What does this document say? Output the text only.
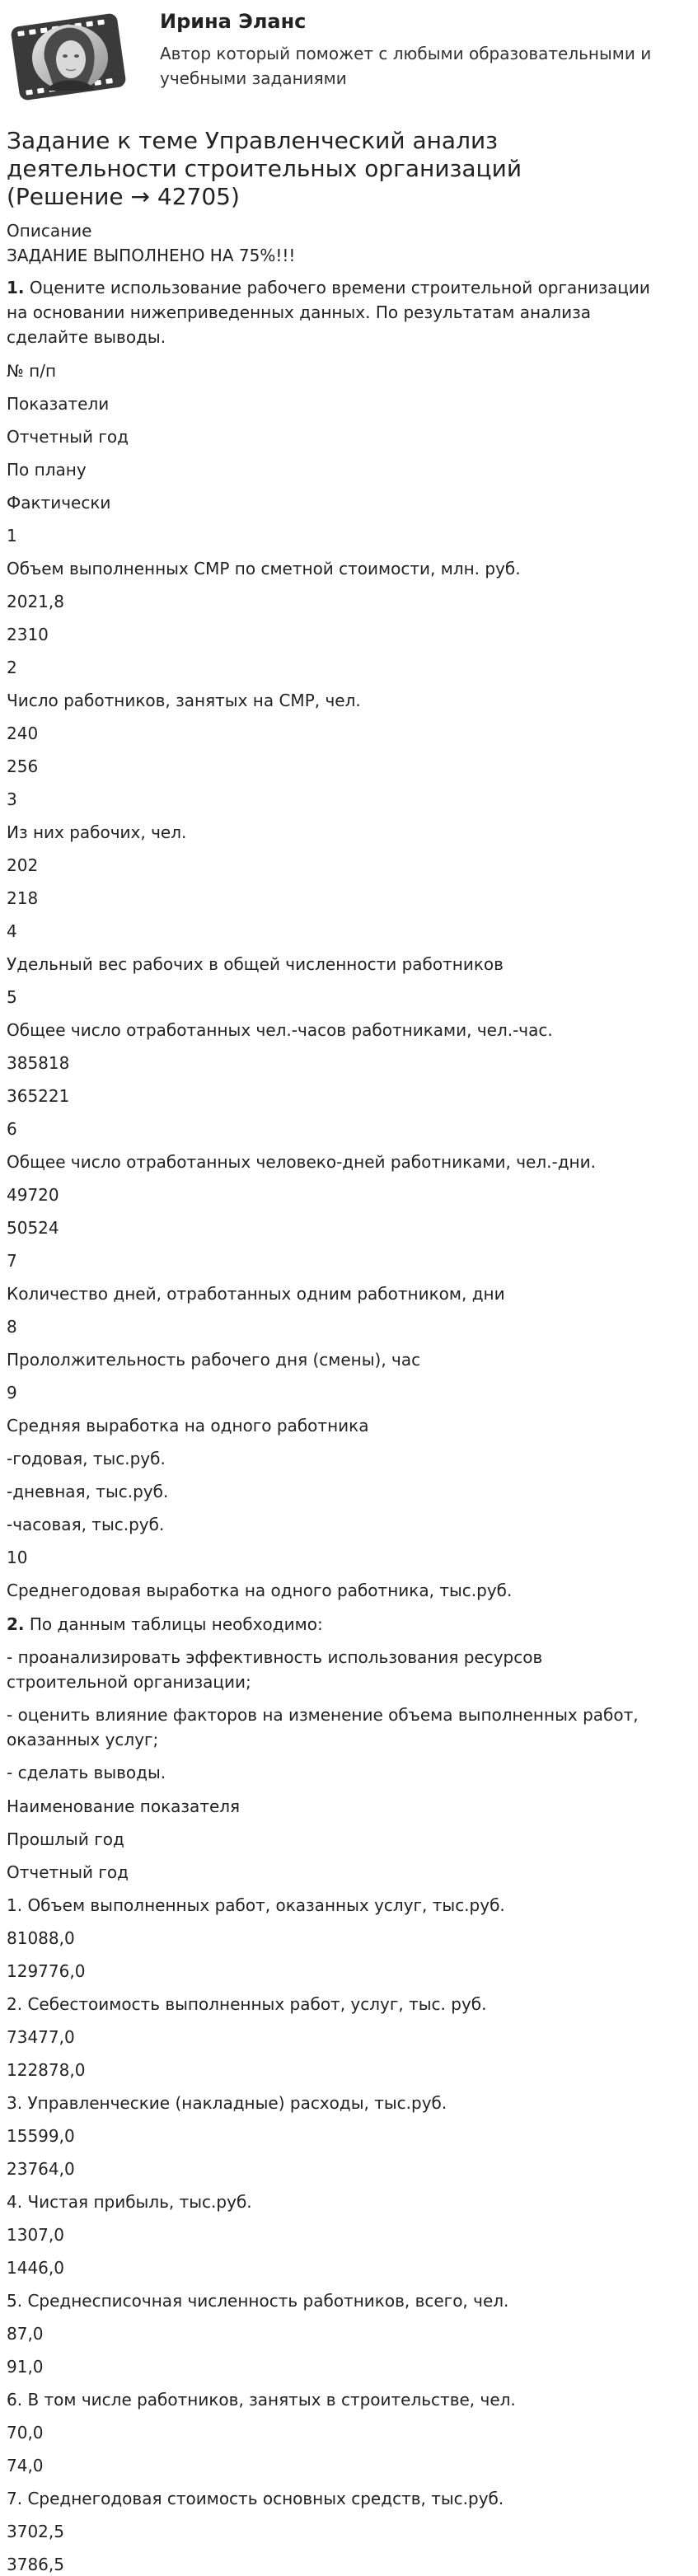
Ирина Эланс
Автор который поможет с любыми образовательными и учебными заданиями
Задание к теме Управленческий анализ деятельности строительных организаций (Решение → 42705)
Описание
ЗАДАНИЕ ВЫПОЛНЕНО НА 75%!!!
1. Оцените использование рабочего времени строительной организации на основании нижеприведенных данных. По результатам анализа сделайте выводы.
№ п/п
Показатели
Отчетный год
По плану
Фактически
1
Объем выполненных СМР по сметной стоимости, млн. руб.
2021,8
2310
2
Число работников, занятых на СМР, чел.
240
256
3
Из них рабочих, чел.
202
218
4
Удельный вес рабочих в общей численности работников
5
Общее число отработанных чел.-часов работниками, чел.-час.
385818
365221
6
Общее число отработанных человеко-дней работниками, чел.-дни.
49720
50524
7
Количество дней, отработанных одним работником, дни
8
Прололжительность рабочего дня (смены), час
9
Средняя выработка на одного работника
-годовая, тыс.руб.
-дневная, тыс.руб.
-часовая, тыс.руб.
10
Среднегодовая выработка на одного работника, тыс.руб.
2. По данным таблицы необходимо:
- проанализировать эффективность использования ресурсов строительной организации;
- оценить влияние факторов на изменение объема выполненных работ, оказанных услуг;
- сделать выводы.
Наименование показателя
Прошлый год
Отчетный год
1. Объем выполненных работ, оказанных услуг, тыс.руб.
81088,0
129776,0
2. Себестоимость выполненных работ, услуг, тыс. руб.
73477,0
122878,0
3. Управленческие (накладные) расходы, тыс.руб.
15599,0
23764,0
4. Чистая прибыль, тыс.руб.
1307,0
1446,0
5. Среднесписочная численность работников, всего, чел.
87,0
91,0
6. В том числе работников, занятых в строительстве, чел.
70,0
74,0
7. Среднегодовая стоимость основных средств, тыс.руб.
3702,5
3786,5
